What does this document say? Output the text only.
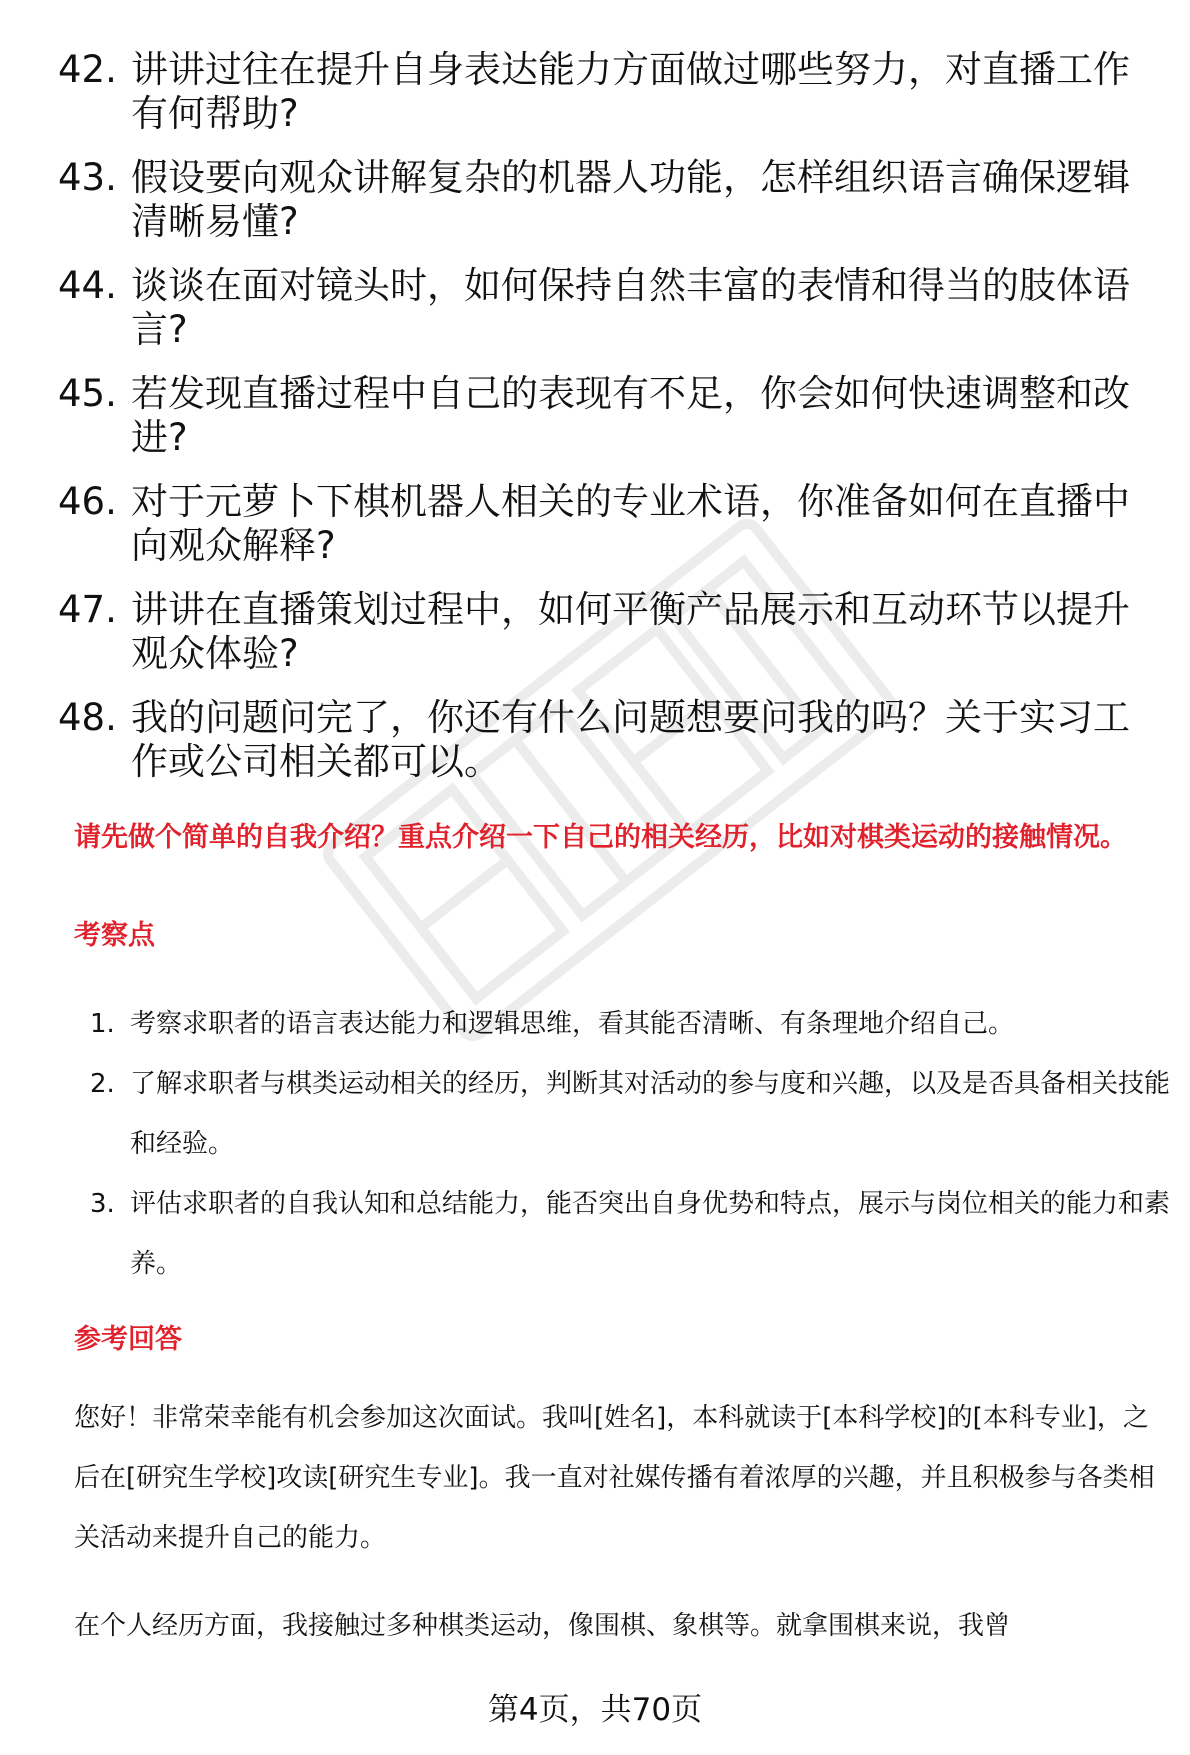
42. 讲讲过往在提升自身表达能力方面做过哪些努力，对直播工作有何帮助?
43. 假设要向观众讲解复杂的机器人功能，怎样组织语言确保逻辑清晰易懂?
44. 谈谈在面对镜头时，如何保持自然丰富的表情和得当的肢体语言?
45. 若发现直播过程中自己的表现有不足，你会如何快速调整和改进?
46. 对于元萝卜下棋机器人相关的专业术语，你准备如何在直播中向观众解释?
47. 讲讲在直播策划过程中，如何平衡产品展示和互动环节以提升观众体验?
48. 我的问题问完了，你还有什么问题想要问我的吗？关于实习工作或公司相关都可以。
请先做个简单的自我介绍？重点介绍一下自己的相关经历，比如对棋类运动的接触情况。
考察点
1. 考察求职者的语言表达能力和逻辑思维，看其能否清晰、有条理地介绍自己。
2. 了解求职者与棋类运动相关的经历，判断其对活动的参与度和兴趣，以及是否具备相关技能和经验。
3. 评估求职者的自我认知和总结能力，能否突出自身优势和特点，展示与岗位相关的能力和素养。
参考回答

您好！非常荣幸能有机会参加这次面试。我叫[姓名]，本科就读于[本科学校]的[本科专业]，之后在[研究生学校]攻读[研究生专业]。我一直对社媒传播有着浓厚的兴趣，并且积极参与各类相关活动来提升自己的能力。

在个人经历方面，我接触过多种棋类运动，像围棋、象棋等。就拿围棋来说，我曾

第4页，共70页
